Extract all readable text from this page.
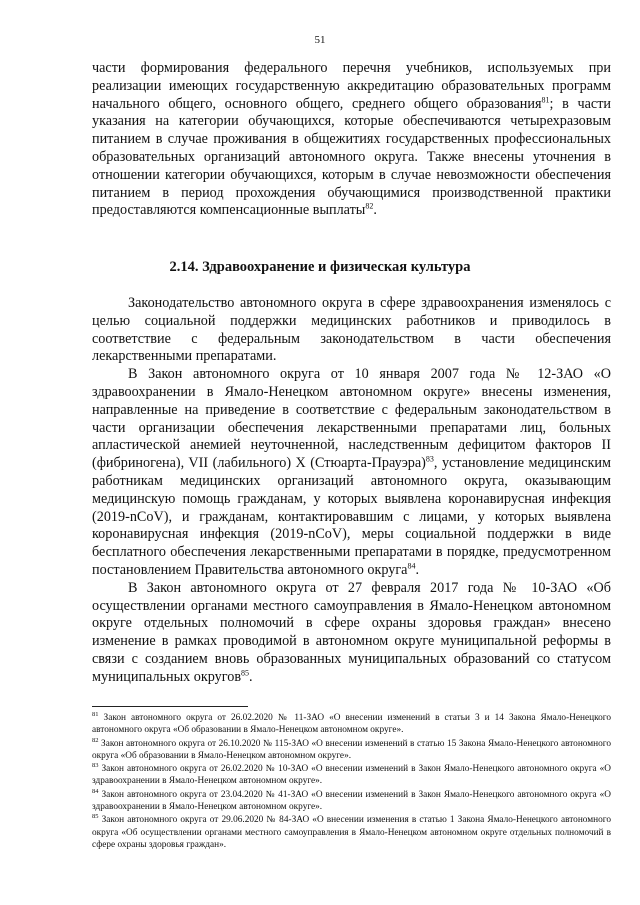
51

части формирования федерального перечня учебников, используемых при реализации имеющих государственную аккредитацию образовательных программ начального общего, основного общего, среднего общего образования$^{81}$; в части указания на категории обучающихся, которые обеспечиваются четырехразовым питанием в случае проживания в общежитиях государственных профессиональных образовательных организаций автономного округа. Также внесены уточнения в отношении категории обучающихся, которым в случае невозможности обеспечения питанием в период прохождения обучающимися производственной практики предоставляются компенсационные выплаты$^{82}$.

2.14. Здравоохранение и физическая культура

Законодательство автономного округа в сфере здравоохранения изменялось с целью социальной поддержки медицинских работников и приводилось в соответствие с федеральным законодательством в части обеспечения лекарственными препаратами.

В Закон автономного округа от 10 января 2007 года № 12-ЗАО «О здравоохранении в Ямало-Ненецком автономном округе» внесены изменения, направленные на приведение в соответствие с федеральным законодательством в части организации обеспечения лекарственными препаратами лиц, больных апластической анемией неуточненной, наследственным дефицитом факторов II (фибриногена), VII (лабильного) X (Стюарта-Прауэра)$^{83}$, установление медицинским работникам медицинских организаций автономного округа, оказывающим медицинскую помощь гражданам, у которых выявлена коронавирусная инфекция (2019-nCoV), и гражданам, контактировавшим с лицами, у которых выявлена коронавирусная инфекция (2019-nCoV), меры социальной поддержки в виде бесплатного обеспечения лекарственными препаратами в порядке, предусмотренном постановлением Правительства автономного округа$^{84}$.

В Закон автономного округа от 27 февраля 2017 года № 10-ЗАО «Об осуществлении органами местного самоуправления в Ямало-Ненецком автономном округе отдельных полномочий в сфере охраны здоровья граждан» внесено изменение в рамках проводимой в автономном округе муниципальной реформы в связи с созданием вновь образованных муниципальных образований со статусом муниципальных округов$^{85}$.

$^{81}$ Закон автономного округа от 26.02.2020 № 11-ЗАО «О внесении изменений в статьи 3 и 14 Закона Ямало-Ненецкого автономного округа «Об образовании в Ямало-Ненецком автономном округе».

$^{82}$ Закон автономного округа от 26.10.2020 № 115-ЗАО «О внесении изменений в статью 15 Закона Ямало-Ненецкого автономного округа «Об образовании в Ямало-Ненецком автономном округе».

$^{83}$ Закон автономного округа от 26.02.2020 № 10-ЗАО «О внесении изменений в Закон Ямало-Ненецкого автономного округа «О здравоохранении в Ямало-Ненецком автономном округе».

$^{84}$ Закон автономного округа от 23.04.2020 № 41-ЗАО «О внесении изменений в Закон Ямало-Ненецкого автономного округа «О здравоохранении в Ямало-Ненецком автономном округе».

$^{85}$ Закон автономного округа от 29.06.2020 № 84-ЗАО «О внесении изменения в статью 1 Закона Ямало-Ненецкого автономного округа «Об осуществлении органами местного самоуправления в Ямало-Ненецком автономном округе отдельных полномочий в сфере охраны здоровья граждан».
